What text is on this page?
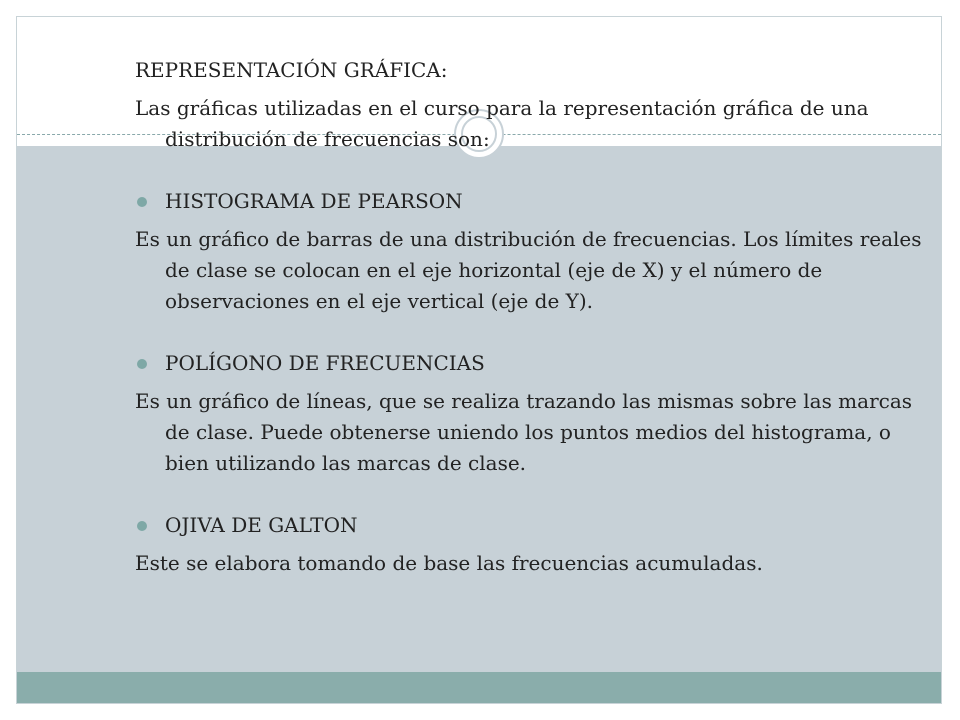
REPRESENTACIÓN GRÁFICA:

Las gráficas utilizadas en el curso para la representación gráfica de una distribución de frecuencias son:

HISTOGRAMA DE PEARSON

Es un gráfico de barras de una distribución de frecuencias. Los límites reales de clase se colocan en el eje horizontal (eje de X) y el número de observaciones en el eje vertical (eje de Y).

POLÍGONO DE FRECUENCIAS

Es un gráfico de líneas, que se realiza trazando las mismas sobre las marcas de clase. Puede obtenerse uniendo los puntos medios del histograma, o bien utilizando las marcas de clase.

OJIVA DE GALTON

Este se elabora tomando de base las frecuencias acumuladas.
